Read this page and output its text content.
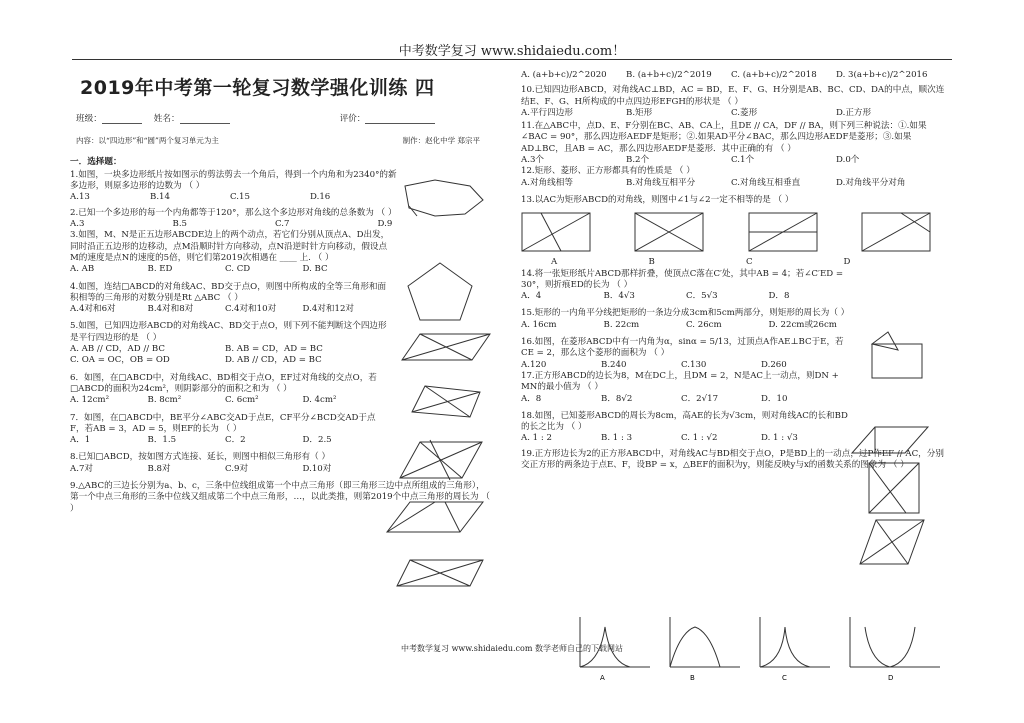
中考数学复习 www.shidaiedu.com！
2019年中考第一轮复习数学强化训练 四
班级：	姓名：	评价：
内容：以“四边形”和“圆”两个复习单元为主	制作：赵化中学 郑宗平
一．选择题：
1.如图，一块多边形纸片按如图示的剪法剪去一个角后，得到一个内角和为2340°的新多边形，则原多边形的边数为 （ ）
A.13	B.14	C.15	D.16
2.已知一个多边形的每一个内角都等于120°，那么这个多边形对角线的总条数为 （ ）
A.3	B.5	C.7	D.9
3.如图，M、N是正五边形ABCDE边上的两个动点，若它们分别从顶点A、D出发，同时沿正五边形的边移动，点M沿顺时针方向移动，点N沿逆时针方向移动，假设点M的速度是点N的速度的5倍，则它们第2019次相遇在 ____ 上. （ ）
A. AB	B. ED	C. CD	D. BC
4.如图，连结□ABCD的对角线AC、BD交于点O，则图中所构成的全等三角形和面积相等的三角形的对数分别是Rt △ABC （ ）
A.4对和6对	B.4对和8对	C.4对和10对	D.4对和12对
5.如图，已知四边形ABCD的对角线AC、BD交于点O，则下列不能判断这个四边形是平行四边形的是 （ ）
A. AB // CD，AD // BC	B. AB = CD，AD = BC
C. OA = OC，OB = OD	D. AB // CD，AD = BC
6．如图，在□ABCD中，对角线AC、BD相交于点O，EF过对角线的交点O，若□ABCD的面积为24cm²，则阴影部分的面积之和为 （ ）
A. 12cm²	B. 8cm²	C. 6cm²	D. 4cm²
7．如图，在□ABCD中，BE平分∠ABC交AD于点E，CF平分∠BCD交AD于点F，若AB = 3，AD = 5，则EF的长为 （ ）
A．1	B．1.5	C．2	D．2.5
8.已知□ABCD，按如图方式连接、延长，则图中相似三角形有（ ）
A.7对	B.8对	C.9对	D.10对
9.△ABC的三边长分别为a、b、c，三条中位线组成第一个中点三角形（即三角形三边中点所组成的三角形），第一个中点三角形的三条中位线又组成第二个中点三角形，…，以此类推，则第2019个中点三角形的周长为 （ ）
A. (a+b+c)/2^2020	B. (a+b+c)/2^2019	C. (a+b+c)/2^2018	D. 3(a+b+c)/2^2016
10.已知四边形ABCD，对角线AC⊥BD，AC = BD，E、F、G、H分别是AB、BC、CD、DA的中点，顺次连结E、F、G、H所构成的中点四边形EFGH的形状是 （ ）
A.平行四边形	B.矩形	C.菱形	D.正方形
11.在△ABC中，点D、E、F分别在BC、AB、CA上，且DE // CA，DF // BA，则下列三种说法：①.如果∠BAC = 90°，那么四边形AEDF是矩形；②.如果AD平分∠BAC，那么四边形AEDF是菱形；③.如果AD⊥BC，且AB = AC，那么四边形AEDF是菱形．其中正确的有 （ ）
A.3个	B.2个	C.1个	D.0个
12.矩形、菱形、正方形都具有的性质是 （ ）
A.对角线相等	B.对角线互相平分	C.对角线互相垂直	D.对角线平分对角
13.以AC为矩形ABCD的对角线，则图中∠1与∠2一定不相等的是 （ ）
A	B	C	D
14.将一张矩形纸片ABCD那样折叠，使顶点C落在C′处，其中AB = 4；若∠C′ED = 30°，则折痕ED的长为 （ ）
A．4	B．4√3	C．5√3	D．8
15.矩形的一内角平分线把矩形的一条边分成3cm和5cm两部分，则矩形的周长为（ ）
A. 16cm	B. 22cm	C. 26cm	D. 22cm或26cm
16.如图，在菱形ABCD中有一内角为α，sinα = 5/13，过顶点A作AE⊥BC于E，若CE = 2，那么这个菱形的面积为 （ ）
A.120	B.240	C.130	D.260
17.正方形ABCD的边长为8，M在DC上，且DM = 2，N是AC上一动点，则DN + MN的最小值为 （ ）
A．8	B．8√2	C．2√17	D．10
18.如图，已知菱形ABCD的周长为8cm，高AE的长为√3cm，则对角线AC的长和BD的长之比为 （ ）
A. 1 : 2	B. 1 : 3	C. 1 : √2	D. 1 : √3
19.正方形边长为2的正方形ABCD中，对角线AC与BD相交于点O，P是BD上的一动点，过P作EF // AC，分别交正方形的两条边于点E、F，设BP = x，△BEF的面积为y，则能反映y与x的函数关系的图象为 （ ）
A	B	C	D
中考数学复习 www.shidaiedu.com 数学老师自己的下载网站
